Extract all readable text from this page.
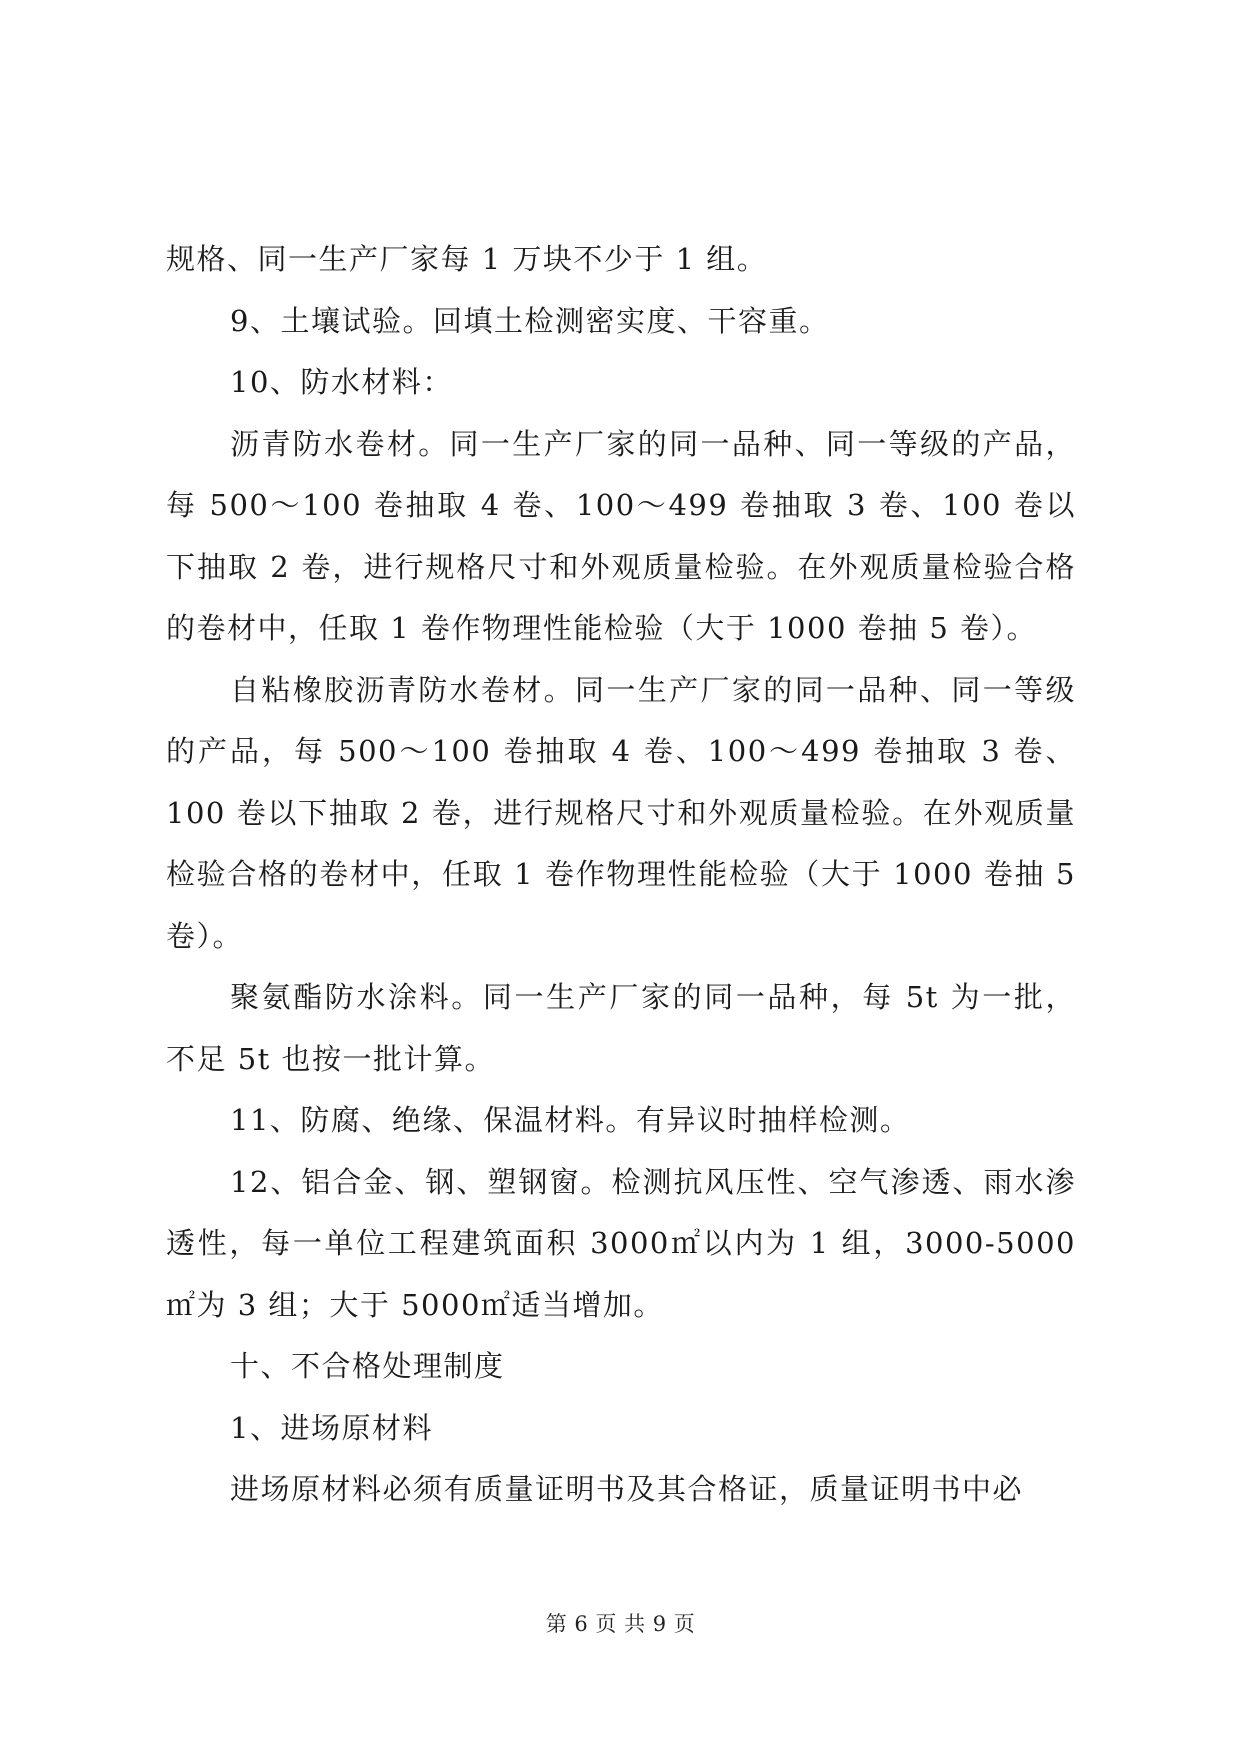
规格、同一生产厂家每 1 万块不少于 1 组。

9、土壤试验。回填土检测密实度、干容重。

10、防水材料：

沥青防水卷材。同一生产厂家的同一品种、同一等级的产品，每 500～100 卷抽取 4 卷、100～499 卷抽取 3 卷、100 卷以下抽取 2 卷，进行规格尺寸和外观质量检验。在外观质量检验合格的卷材中，任取 1 卷作物理性能检验（大于 1000 卷抽 5 卷）。

自粘橡胶沥青防水卷材。同一生产厂家的同一品种、同一等级的产品，每 500～100 卷抽取 4 卷、100～499 卷抽取 3 卷、100 卷以下抽取 2 卷，进行规格尺寸和外观质量检验。在外观质量检验合格的卷材中，任取 1 卷作物理性能检验（大于 1000 卷抽 5 卷）。

聚氨酯防水涂料。同一生产厂家的同一品种，每 5t 为一批，不足 5t 也按一批计算。

11、防腐、绝缘、保温材料。有异议时抽样检测。

12、铝合金、钢、塑钢窗。检测抗风压性、空气渗透、雨水渗透性，每一单位工程建筑面积 3000㎡以内为 1 组，3000-5000㎡为 3 组；大于 5000㎡适当增加。

十、不合格处理制度

1、进场原材料

进场原材料必须有质量证明书及其合格证，质量证明书中必

第 6 页 共 9 页
